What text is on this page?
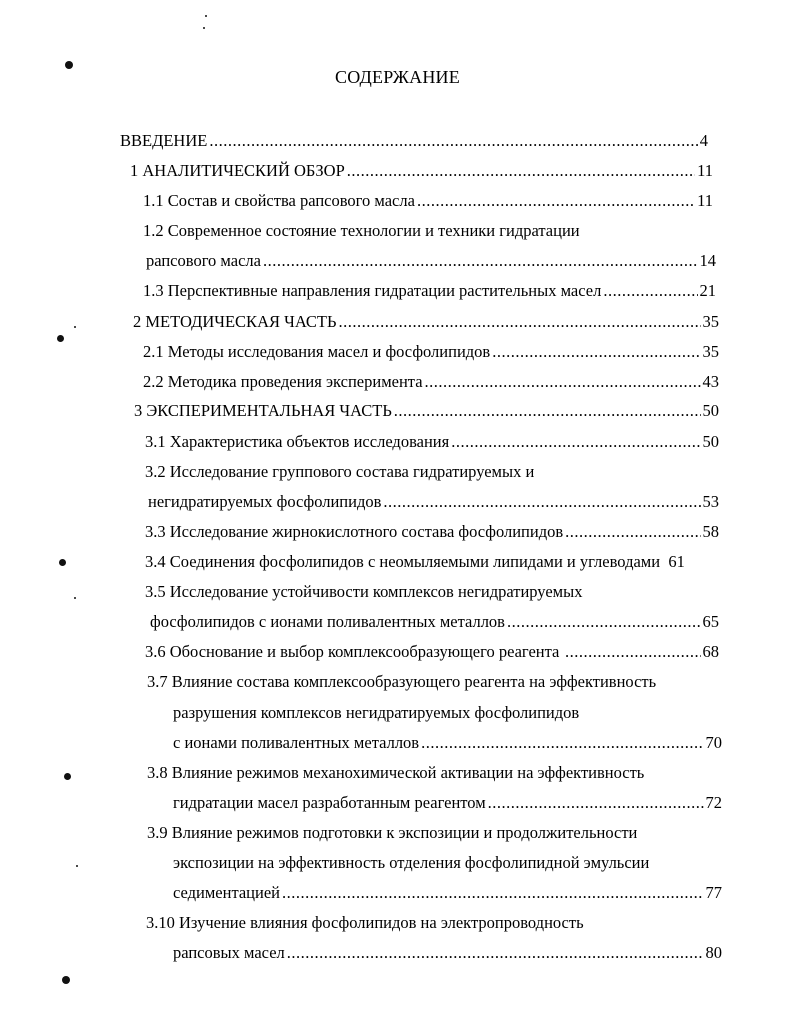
СОДЕРЖАНИЕ
ВВЕДЕНИЕ .....	4
1 АНАЛИТИЧЕСКИЙ ОБЗОР .....	11
1.1 Состав и свойства рапсового масла .....	11
1.2 Современное состояние технологии и техники гидратации
рапсового масла .....	14
1.3 Перспективные направления гидратации растительных масел .....	21
2 МЕТОДИЧЕСКАЯ ЧАСТЬ .....	35
2.1 Методы исследования масел и фосфолипидов .....	35
2.2 Методика проведения эксперимента .....	43
3 ЭКСПЕРИМЕНТАЛЬНАЯ ЧАСТЬ .....	50
3.1 Характеристика объектов исследования .....	50
3.2 Исследование группового состава гидратируемых и
негидратируемых фосфолипидов .....	53
3.3 Исследование жирнокислотного состава фосфолипидов .....	58
3.4 Соединения фосфолипидов с неомыляемыми липидами и углеводами 61
3.5 Исследование устойчивости комплексов негидратируемых
фосфолипидов с ионами поливалентных металлов .....	65
3.6 Обоснование и выбор комплексообразующего реагента .....	68
3.7 Влияние состава комплексообразующего реагента на эффективность
разрушения комплексов негидратируемых фосфолипидов
с ионами поливалентных металлов .....	70
3.8 Влияние режимов механохимической активации на эффективность
гидратации масел разработанным реагентом .....	72
3.9 Влияние режимов подготовки к экспозиции и продолжительности
экспозиции на эффективность отделения фосфолипидной эмульсии
седиментацией .....	77
3.10 Изучение влияния фосфолипидов на электропроводность
рапсовых масел .....	80
